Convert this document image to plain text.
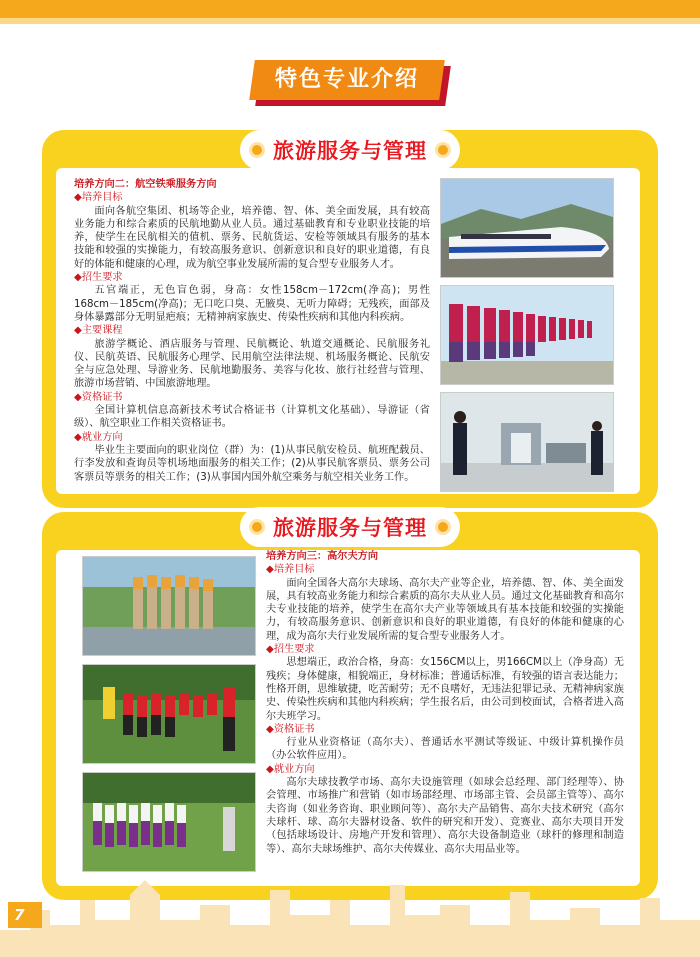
特色专业介绍
旅游服务与管理
培养方向二：航空铁乘服务方向
◆培养目标

面向各航空集团、机场等企业，培养德、智、体、美全面发展，具有较高业务能力和综合素质的民航地勤从业人员。通过基础教育和专业职业技能的培养，使学生在民航相关的值机、票务、民航货运、安检等领域具有服务的基本技能和较强的实操能力，有较高服务意识、创新意识和良好的职业道德，有良好的体能和健康的心理，成为航空事业发展所需的复合型专业服务人才。

◆招生要求

五官端正，无色盲色弱，身高：女性158cm－172cm(净高)；男性168cm－185cm(净高)；无口吃口臭、无腋臭、无听力障碍；无残疾，面部及身体暴露部分无明显疤痕；无精神病家族史、传染性疾病和其他内科疾病。

◆主要课程

旅游学概论、酒店服务与管理、民航概论、轨道交通概论、民航服务礼仪、民航英语、民航服务心理学、民用航空法律法规、机场服务概论、民航安全与应急处理、导游业务、民航地勤服务、美容与化妆、旅行社经营与管理、旅游市场营销、中国旅游地理。

◆资格证书

全国计算机信息高新技术考试合格证书（计算机文化基础）、导游证（省级）、航空职业工作相关资格证书。

◆就业方向

毕业生主要面向的职业岗位（群）为：(1)从事民航安检员、航班配载员、行李发放和查询员等机场地面服务的相关工作；(2)从事民航客票员、票务公司客票员等票务的相关工作；(3)从事国内国外航空乘务与航空相关业务工作。

旅游服务与管理
培养方向三：高尔夫方向
◆培养目标

面向全国各大高尔夫球场、高尔夫产业等企业，培养德、智、体、美全面发展，具有较高业务能力和综合素质的高尔夫从业人员。通过文化基础教育和高尔夫专业技能的培养，使学生在高尔夫产业等领域具有基本技能和较强的实操能力，有较高服务意识、创新意识和良好的职业道德，有良好的体能和健康的心理，成为高尔夫行业发展所需的复合型专业服务人才。

◆招生要求

思想端正，政治合格，身高：女156CM以上，男166CM以上（净身高）无残疾；身体健康，相貌端正，身材标准；普通话标准，有较强的语言表达能力；性格开朗，思维敏捷，吃苦耐劳；无不良嗜好，无违法犯罪记录、无精神病家族史、传染性疾病和其他内科疾病；学生报名后，由公司到校面试，合格者进入高尔夫班学习。

◆资格证书

行业从业资格证（高尔夫）、普通话水平测试等级证、中级计算机操作员（办公软件应用）。

◆就业方向

高尔夫球技教学市场、高尔夫设施管理（如球会总经理、部门经理等）、协会管理、市场推广和营销（如市场部经理、市场部主管、会员部主管等）、高尔夫咨询（如业务咨询、职业顾问等）、高尔夫产品销售、高尔夫技术研究（高尔夫球杆、球、高尔夫器材设备、软件的研究和开发）、竞赛业、高尔夫项目开发（包括球场设计、房地产开发和管理）、高尔夫设备制造业（球杆的修理和制造等）、高尔夫球场维护、高尔夫传媒业、高尔夫用品业等。

7
